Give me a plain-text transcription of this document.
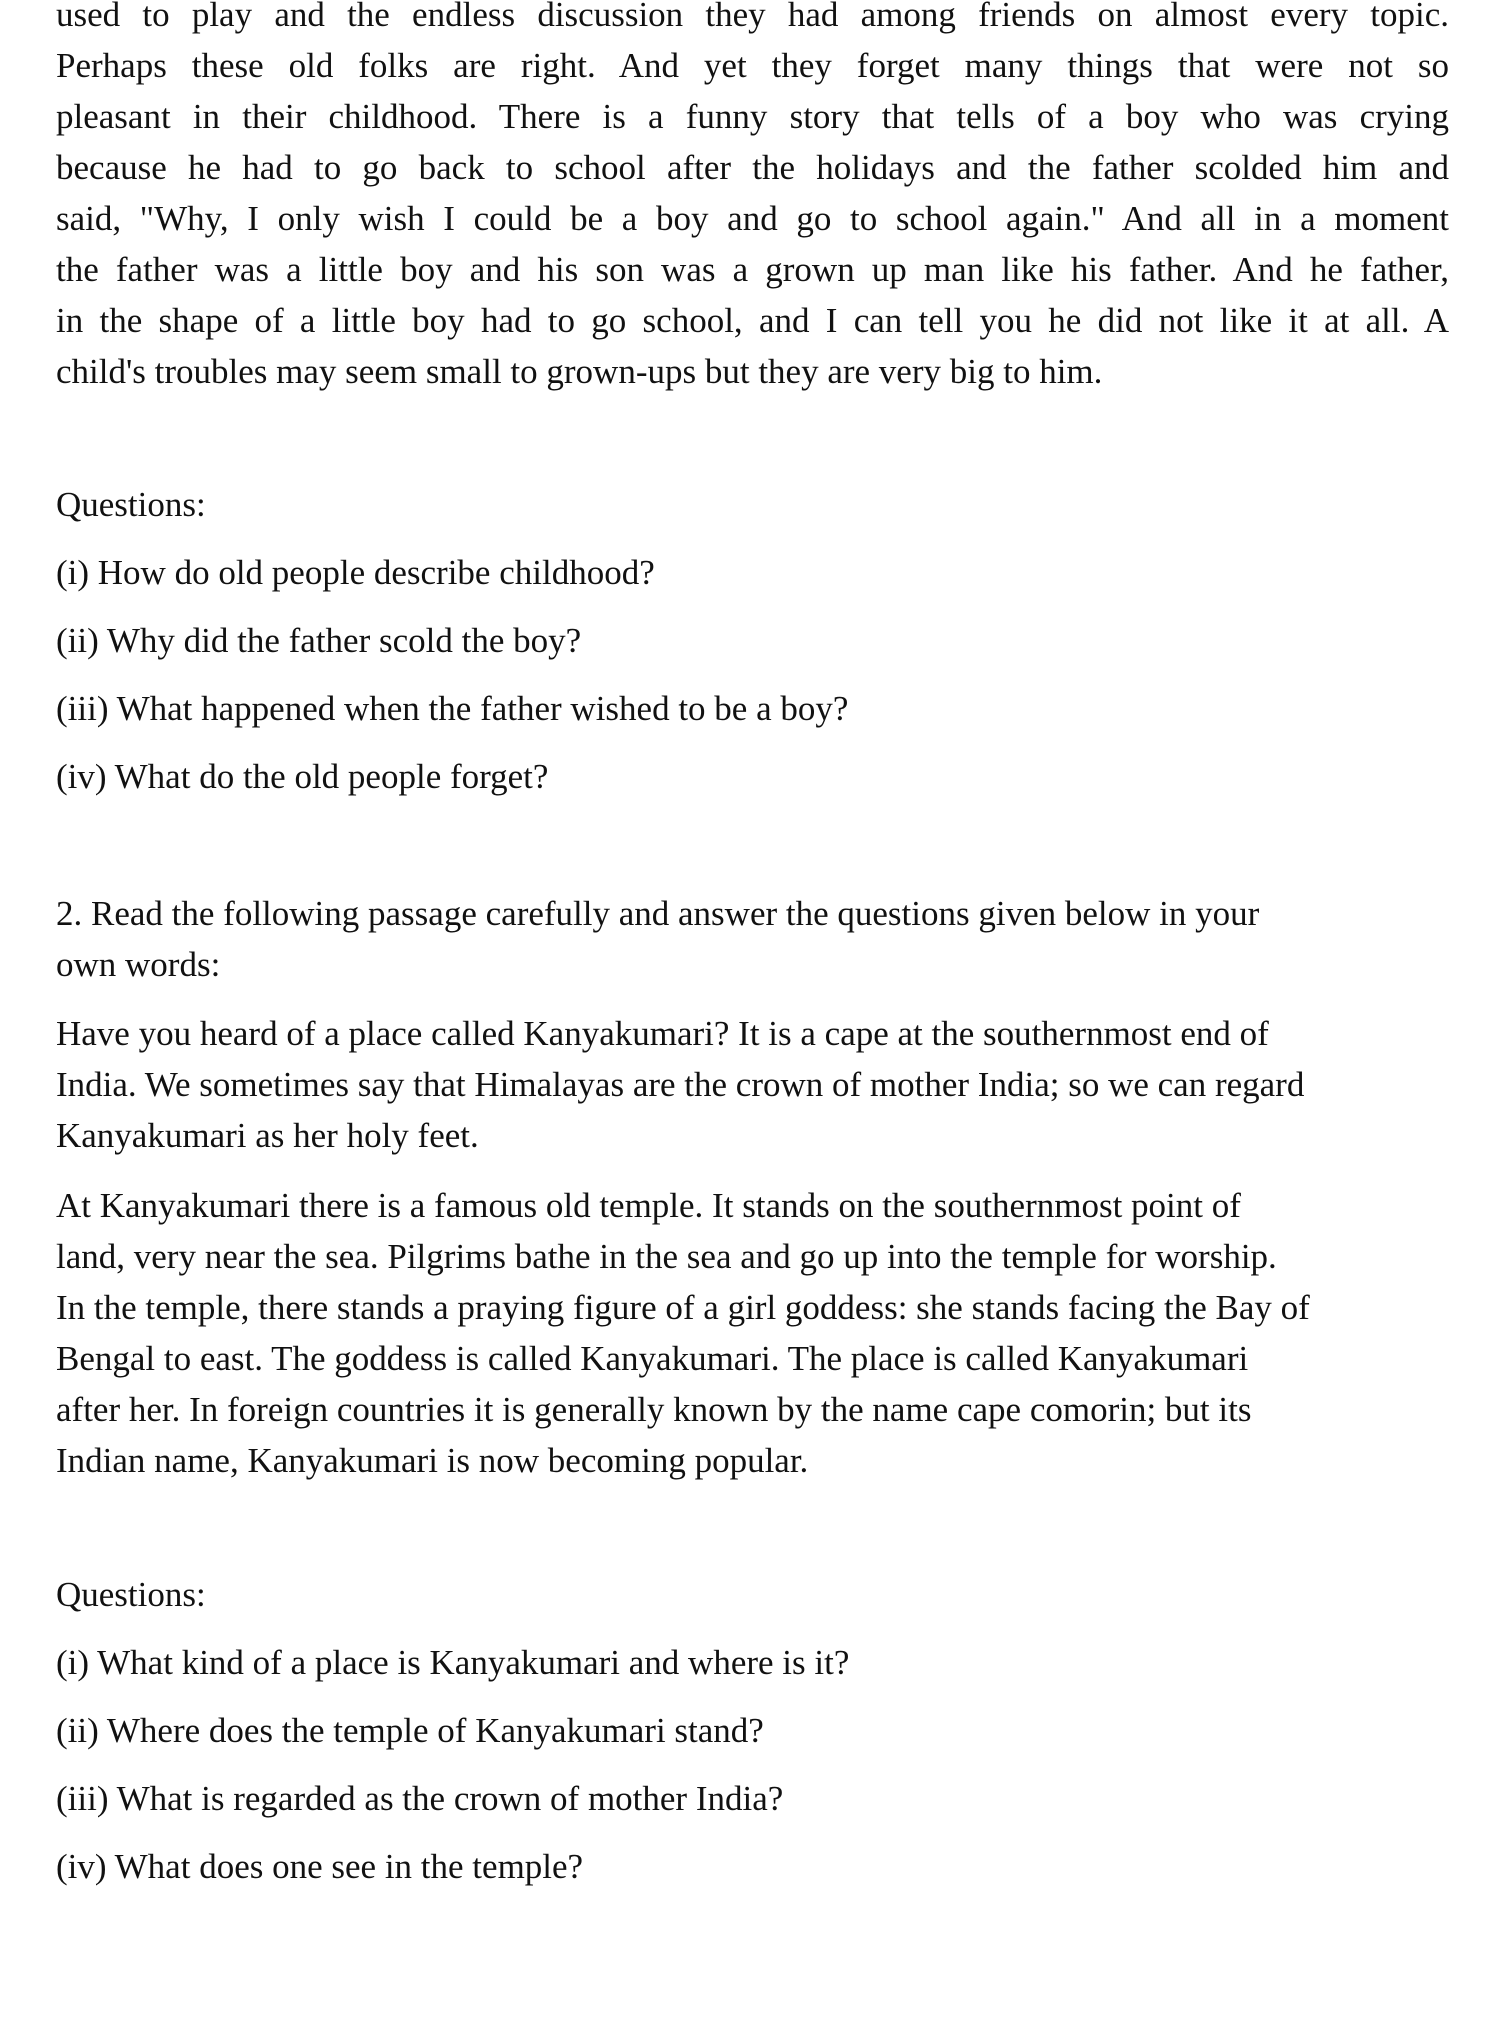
used to play and the endless discussion they had among friends on almost every topic.
Perhaps these old folks are right. And yet they forget many things that were not so
pleasant in their childhood. There is a funny story that tells of a boy who was crying
because he had to go back to school after the holidays and the father scolded him and
said, "Why, I only wish I could be a boy and go to school again." And all in a moment
the father was a little boy and his son was a grown up man like his father. And he father,
in the shape of a little boy had to go school, and I can tell you he did not like it at all. A
child's troubles may seem small to grown-ups but they are very big to him.
Questions:
(i) How do old people describe childhood?
(ii) Why did the father scold the boy?
(iii) What happened when the father wished to be a boy?
(iv) What do the old people forget?
2. Read the following passage carefully and answer the questions given below in your
own words:
Have you heard of a place called Kanyakumari? It is a cape at the southernmost end of
India. We sometimes say that Himalayas are the crown of mother India; so we can regard
Kanyakumari as her holy feet.
At Kanyakumari there is a famous old temple. It stands on the southernmost point of
land, very near the sea. Pilgrims bathe in the sea and go up into the temple for worship.
In the temple, there stands a praying figure of a girl goddess: she stands facing the Bay of
Bengal to east. The goddess is called Kanyakumari. The place is called Kanyakumari
after her. In foreign countries it is generally known by the name cape comorin; but its
Indian name, Kanyakumari is now becoming popular.
Questions:
(i) What kind of a place is Kanyakumari and where is it?
(ii) Where does the temple of Kanyakumari stand?
(iii) What is regarded as the crown of mother India?
(iv) What does one see in the temple?
